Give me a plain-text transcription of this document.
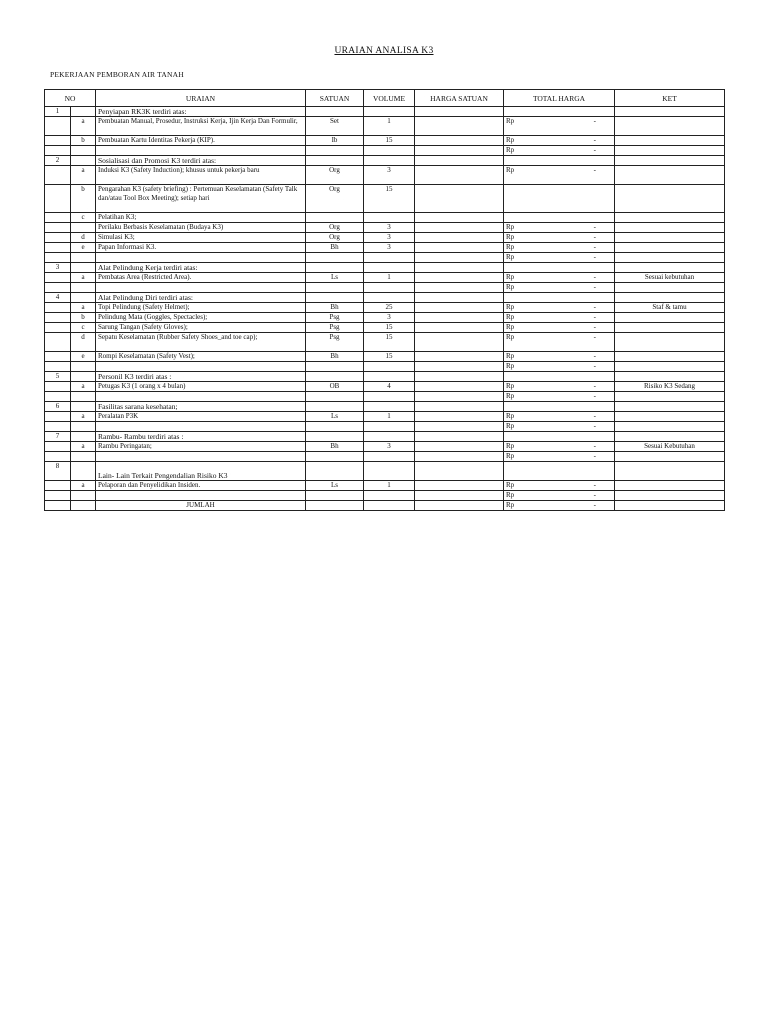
URAIAN ANALISA K3
PEKERJAAN PEMBORAN AIR TANAH
NO		URAIAN	SATUAN	VOLUME	HARGA SATUAN	TOTAL HARGA	KET
1		Penyiapan RK3K terdiri atas:					
	a	Pembuatan Manual, Prosedur, Instruksi Kerja, Ijin Kerja Dan Formulir,	Set	1		Rp -	

	b	Pembuatan Kartu Identitas Pekerja (KIP).	Ib	15		Rp -	

						Rp -	

2		Sosialisasi dan Promosi K3 terdiri atas:					
	a	Induksi K3 (Safety Induction); khusus untuk pekerja baru	Org	3		Rp -	

	b	Pengarahan K3 (safety briefing) : Pertemuan Keselamatan (Safety Talk dan/atau Tool Box Meeting); setiap hari	Org	15			
	c	Pelatihan K3;					
		Perilaku Berbasis Keselamatan (Budaya K3)	Org	3		Rp -	

	d	Simulasi K3;	Org	3		Rp -	

	e	Papan Informasi K3.	Bh	3		Rp -	

						Rp -	

3		Alat Pelindung Kerja terdiri atas:					
	a	Pembatas Area (Restricted Area).	Ls	1		Rp -	Sesuai kebutuhan

						Rp -	

4		Alat Pelindung Diri terdiri atas:					
	a	Topi Pelindung (Safety Helmet);	Bh	25		Rp -	Staf & tamu
	b	Pelindung Mata (Goggles, Spectacles);	Psg	3		Rp -	

	c	Sarung Tangan (Safety Gloves);	Psg	15		Rp -	

	d	Sepatu Keselamatan (Rubber Safety Shoes_and toe cap);	Psg	15		Rp -	

	e	Rompi Keselamatan (Safety Vest);	Bh	15		Rp -	

						Rp -	

5		Personil K3 terdiri atas :					
	a	Petugas K3 (1 orang x 4 bulan)	OB	4		Rp -	Risiko K3 Sedang

						Rp -	

6		Fasilitas sarana kesehatan;					
	a	Peralatan P3K	Ls	1		Rp -	

						Rp -	

7		Rambu- Rambu terdiri atas :					
	a	Rambu Peringatan;	Bh	3		Rp -	Sesuai Kebutuhan

						Rp -	

8		Lain- Lain Terkait Pengendalian Risiko K3					
	a	Pelaporan dan Penyelidikan Insiden.	Ls	1		Rp -	

						Rp -	

		JUMLAH				Rp -	
